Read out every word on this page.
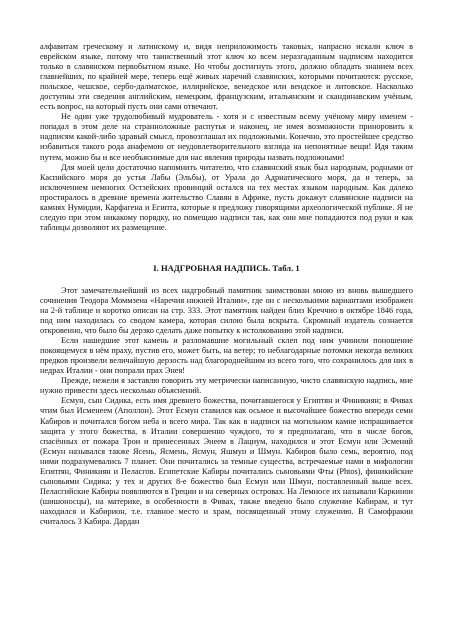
алфавитам греческому и латинскому и, видя неприложимость таковых, напрасно искали ключ в еврейском языке, потому что таинственный этот ключ ко всем неразгаданным надписям находится только в славянском первобытном языке. Но чтобы достигнуть этого, должно обладать знанием всех главнейших, по крайней мере, теперь ещё живых наречий славянских, которыми почитаются: русское, польское, чешское, сербо-далматское, иллирийское, венедское или вендское и литовское. Насколько доступны эти сведения английским, немецким, французским, итальянским и скандинавским учёным, есть вопрос, на который пусть они сами отвечают.

Не один уже трудолюбивый мудрователь - хотя и с известным всему учёному миру именем - попадал в этом деле на странноложные распутья и наконец, не имея возможности приноровить к надписям какой-либо здравый смысл, провозглашал их подложными. Конечно, это простейшее средство избавиться такого рода анафемою от неудовлетворительного взгляда на непонятные вещи! Идя таким путем, можно бы и все необъяснимые для нас явления природы назвать подложными!

Для моей цели достаточно напомнить читателю, что славянский язык был народным, родными от Каспийского моря до устья Лабы (Эльбы), от Урала до Адриатического моря, да и теперь, за исключением немногих Остзейских провинций остался на тех местах языком народным. Как далеко простиралось в древние времена жительство Славян в Африке, пусть докажут славянские надписи на камнях Нумидии, Карфагена и Египта, которые я предложу говорящими археологической публике. Я не следую при этом никакому порядку, но помещаю надписи так, как они мне попадаются под руки и как таблицы дозволяют их размещение.

I. НАДГРОБНАЯ НАДПИСЬ. Табл. 1

Этот замечательнейший из всех надгробный памятник заимствован мною из вновь вышедшего сочинения Теодора Моммзена «Наречия нижней Италии», где он с несколькими вариантами изображен на 2-й таблице и коротко описан на стр. 333. Этот памятник найден близ Креччио в октябре 1846 года, под ним находилась со сводом камера, которая силою была вскрыта. Скромный издатель сознается откровенно, что было бы дерзко сделать даже попытку к истолкованию этой надписи.

Если нашедшие этот камень и разломавшие могильный склеп под ним учинили поношение покоящемуся в нём праху, пустив его, может быть, на ветер; то неблагодарные потомки некогда великих предков произвели величайшую дерзость над благороднейшим из всего того, что сохранилось для них в недрах Италии - они попрали прах Энея!

Прежде, нежели я заставлю говорить эту метрически написанную, чисто славянскую надпись, мне нужно привести здесь несколько объяснений.

Есмун, сын Сидика, есть имя древнего божества, почитавшегося у Египтян и Финикиян; в Фивах чтим был Исменеем (Аполлон). Этот Есмун ставился как осьмое и высочайшее божество впереди семи Кабиров и почитался богом неба и всего мира. Так как в надписи на могильном камне испрашивается защита у этого божества, в Италии совершенно чуждого, то я предполагаю, что в числе богов, спасённых от пожара Трои и принесенных Энеем в Лациум, находился и этот Есмун или Эсмений (Есмун назывался также Ясень, Ясмень, Ясмун, Яшмун и Шмун. Кабиров было семь, вероятно, под ними подразумевались 7 планет. Они почитались за темные существа, встречаемые нами в мифологии Египтян, Финикиян и Пеласгов. Египетские Кабиры почитались сыновьями Фты (Phtos), финикийские сыновьями Сидика; у тех и других 8-е божество был Есмун или Шмун, поставленный выше всех. Пеласгийские Кабиры появляются в Греции и на северных островах. На Лемносе их называли Каркинои (шишоносцы), на материке, в особенности в Фивах, также введено было служение Кабирам, и тут находился и Кабирион, т.е. главное место и храм, посвященный этому служению. В Самофракии считалось 3 Кабира. Дардан
